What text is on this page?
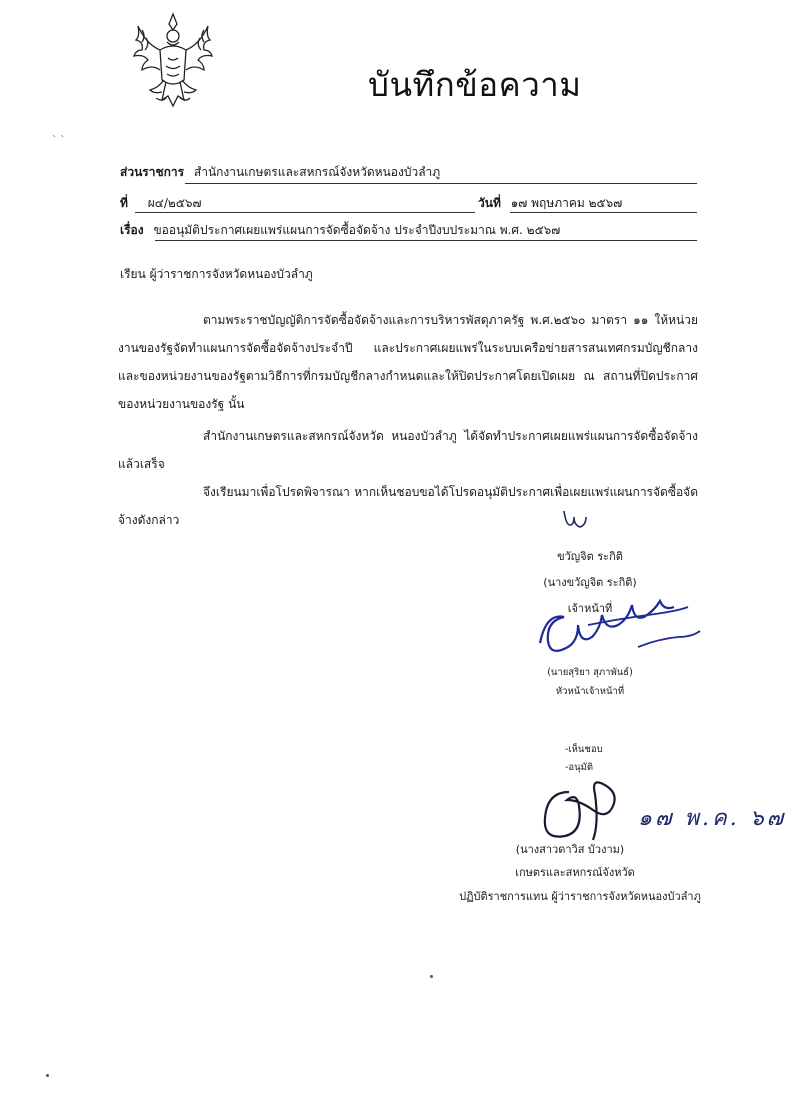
บันทึกข้อความ
` `
ส่วนราชการ สำนักงานเกษตรและสหกรณ์จังหวัดหนองบัวลำภู
ที่ ผ๔/๒๕๖๗	วันที่ ๑๗ พฤษภาคม ๒๕๖๗
เรื่อง ขออนุมัติประกาศเผยแพร่แผนการจัดซื้อจัดจ้าง ประจำปีงบประมาณ พ.ศ. ๒๕๖๗
เรียน ผู้ว่าราชการจังหวัดหนองบัวลำภู
ตามพระราชบัญญัติการจัดซื้อจัดจ้างและการบริหารพัสดุภาครัฐ พ.ศ.๒๕๖๐ มาตรา ๑๑ ให้หน่วยงานของรัฐจัดทำแผนการจัดซื้อจัดจ้างประจำปี และประกาศเผยแพร่ในระบบเครือข่ายสารสนเทศกรมบัญชีกลางและของหน่วยงานของรัฐตามวิธีการที่กรมบัญชีกลางกำหนดและให้ปิดประกาศโดยเปิดเผย ณ สถานที่ปิดประกาศของหน่วยงานของรัฐ นั้น
สำนักงานเกษตรและสหกรณ์จังหวัด หนองบัวลำภู ได้จัดทำประกาศเผยแพร่แผนการจัดซื้อจัดจ้าง แล้วเสร็จ
จึงเรียนมาเพื่อโปรดพิจารณา หากเห็นชอบขอได้โปรดอนุมัติประกาศเพื่อเผยแพร่แผนการจัดซื้อจัดจ้างดังกล่าว
ขวัญจิต ระกิติ
(นางขวัญจิต ระกิติ)
เจ้าหน้าที่
(นายสุริยา สุภาพันธ์)
หัวหน้าเจ้าหน้าที่
-เห็นชอบ
-อนุมัติ
๑๗ พ.ค. ๖๗
(นางสาวดาวิส บัวงาม)
เกษตรและสหกรณ์จังหวัด
ปฏิบัติราชการแทน ผู้ว่าราชการจังหวัดหนองบัวลำภู
